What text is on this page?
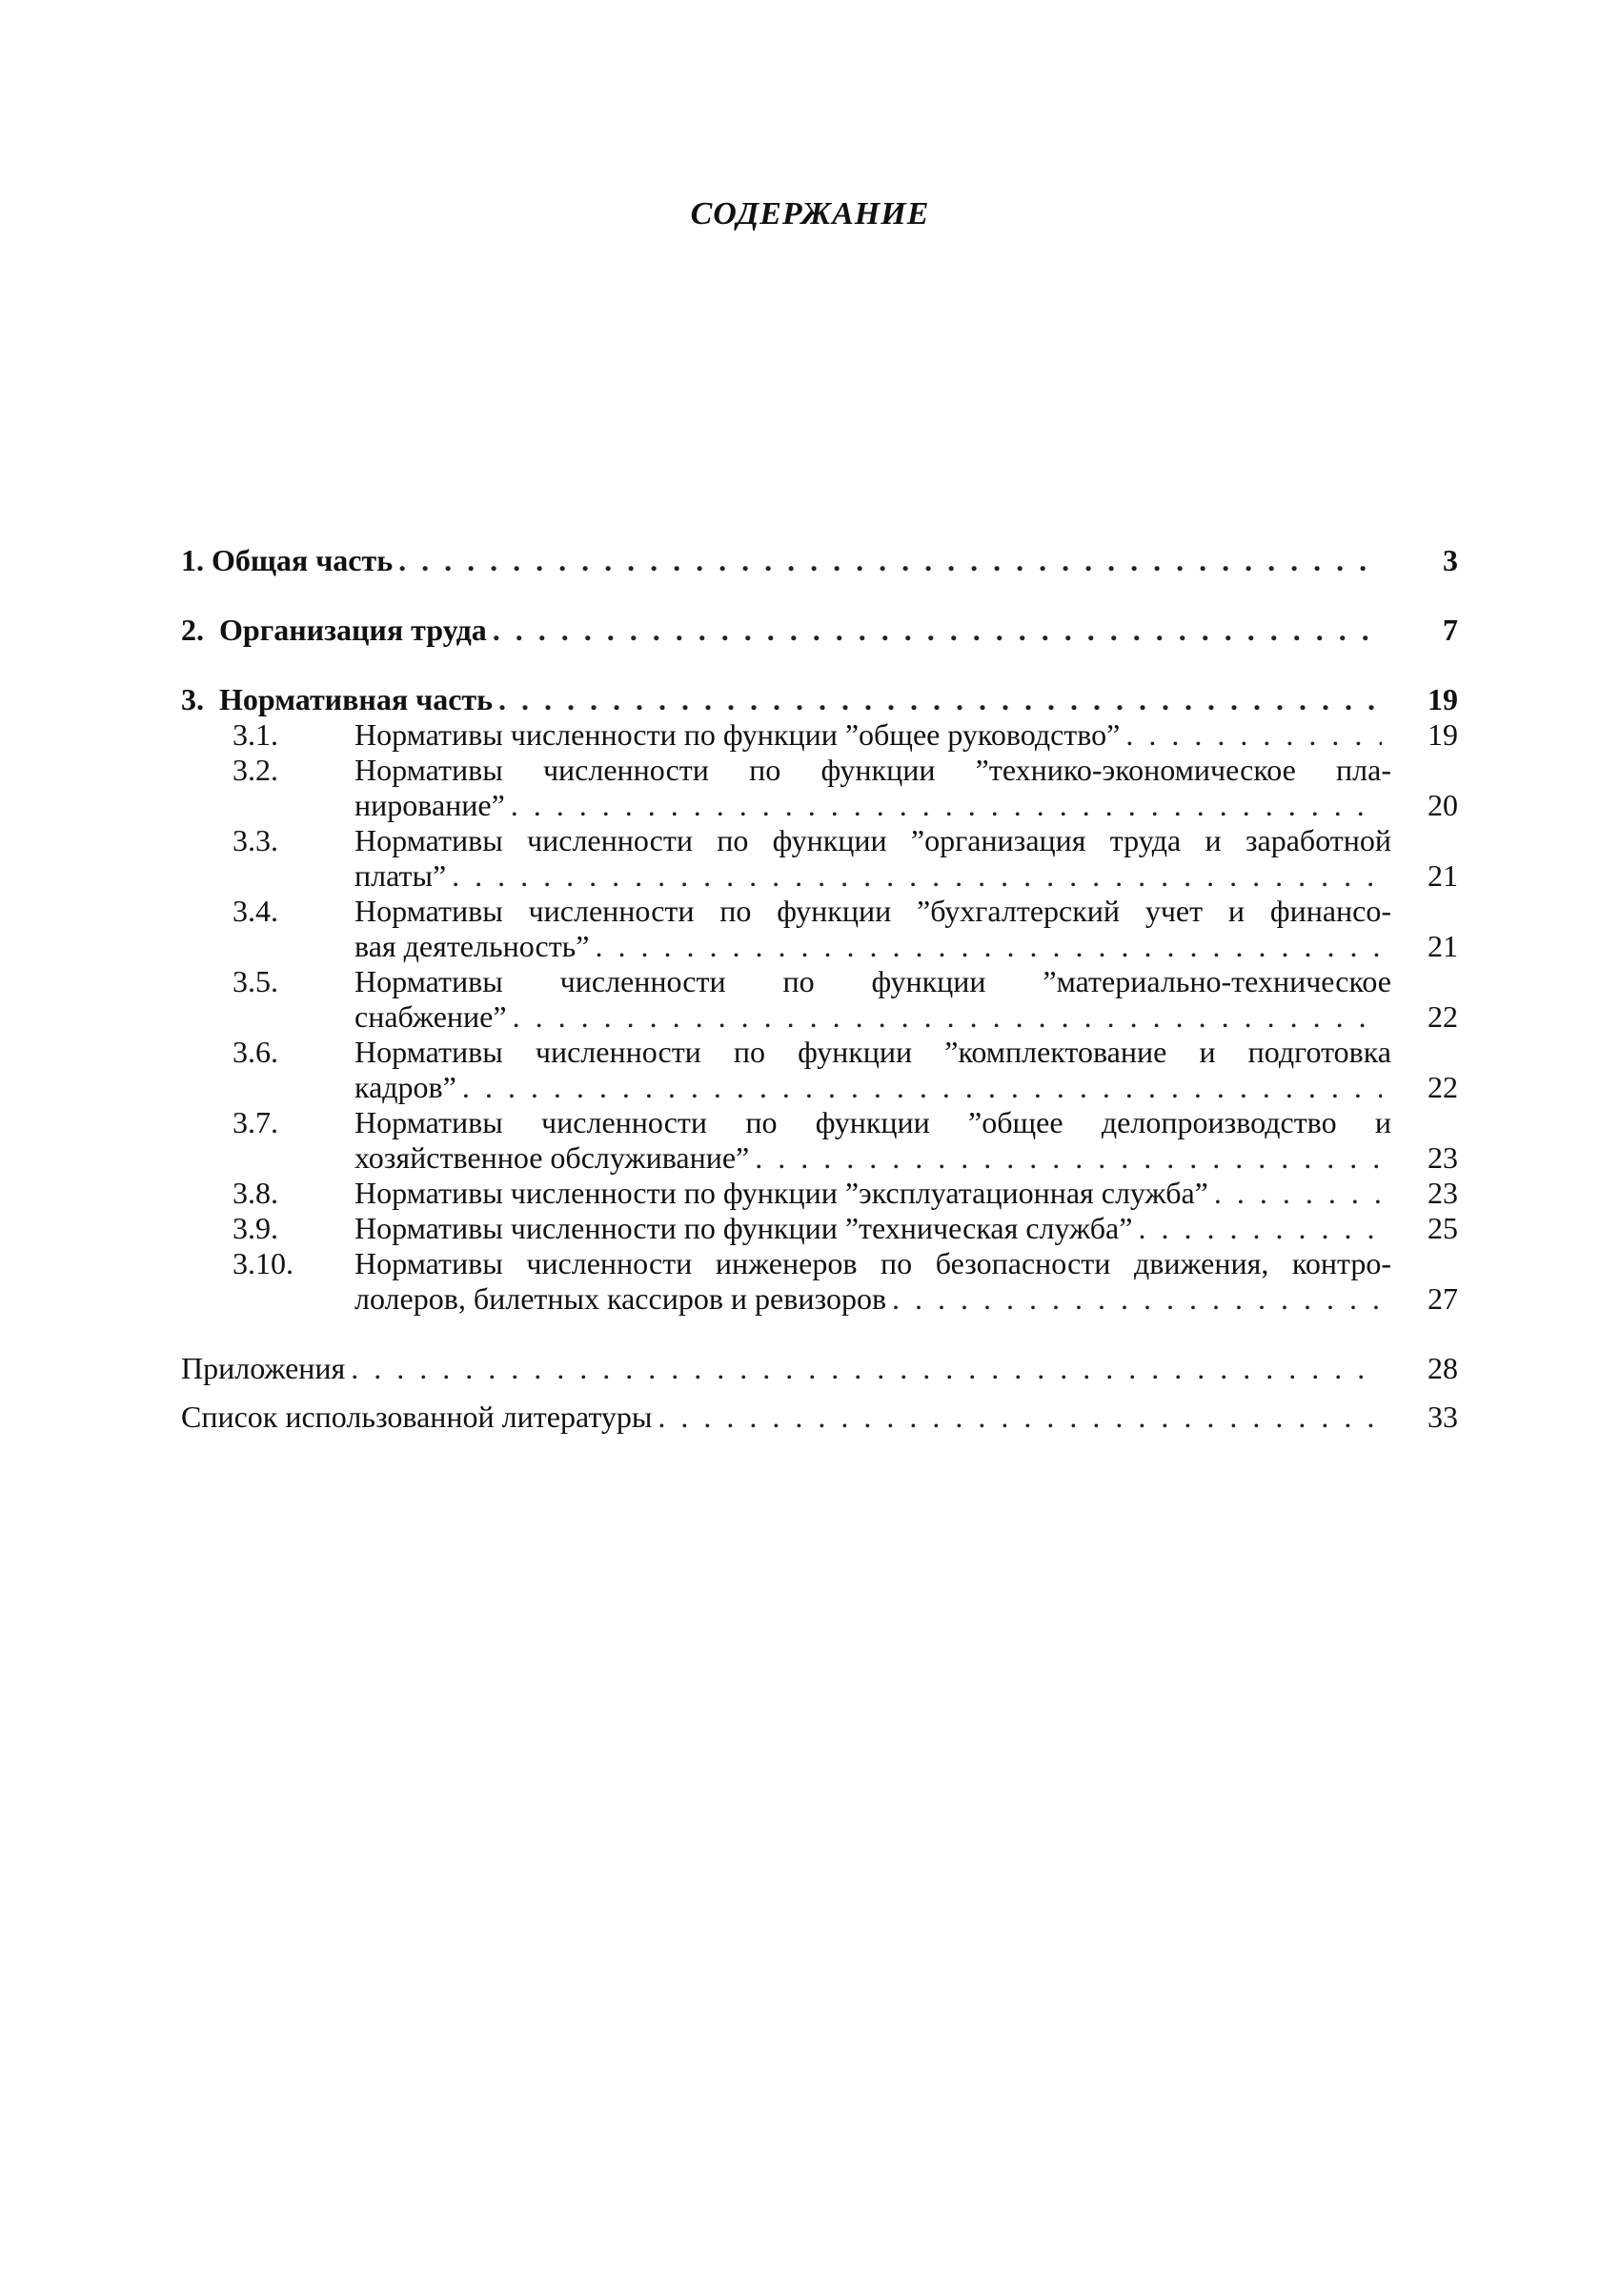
СОДЕРЖАНИЕ
1. Общая часть . . .	3
2. Организация труда . . .	7
3. Нормативная часть . . .	19
3.1.	Нормативы численности по функции ”общее руководство” . . .	19
3.2.	Нормативы численности по функции ”технико-экономическое пла-
нирование” . . .	20
3.3.	Нормативы численности по функции ”организация труда и заработной
платы” . . .	21
3.4.	Нормативы численности по функции ”бухгалтерский учет и финансо-
вая деятельность” . . .	21
3.5.	Нормативы численности по функции ”материально-техническое
снабжение” . . .	22
3.6.	Нормативы численности по функции ”комплектование и подготовка
кадров” . . .	22
3.7.	Нормативы численности по функции ”общее делопроизводство и
хозяйственное обслуживание” . . .	23
3.8.	Нормативы численности по функции ”эксплуатационная служба” . . .	23
3.9.	Нормативы численности по функции ”техническая служба” . . .	25
3.10.	Нормативы численности инженеров по безопасности движения, контро-
лолеров, билетных кассиров и ревизоров . . .	27
Приложения . . .	28
Список использованной литературы . . .	33
